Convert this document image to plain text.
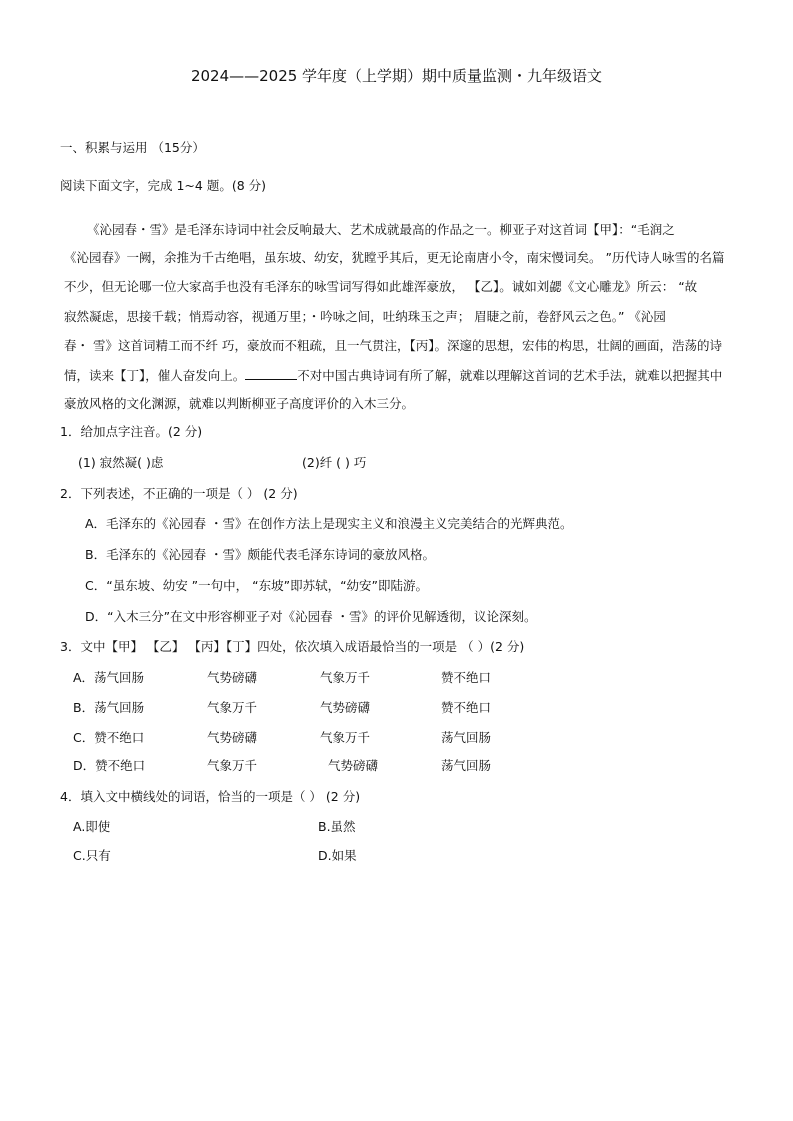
2024——2025 学年度（上学期）期中质量监测・九年级语文
一、积累与运用 （15分）
阅读下面文字，完成 1~4 题。(8 分)
《沁园春・雪》是毛泽东诗词中社会反响最大、艺术成就最高的作品之一。柳亚子对这首词【甲】：“毛润之
《沁园春》一阙，余推为千古绝唱，虽东坡、幼安，犹瞠乎其后，更无论南唐小令，南宋慢词矣。 ”历代诗人咏雪的名篇
不少，但无论哪一位大家高手也没有毛泽东的咏雪词写得如此雄浑豪放， 【乙】。诚如刘勰《文心雕龙》所云： “故
寂然凝虑，思接千载；悄焉动容，视通万里；・吟咏之间，吐纳珠玉之声； 眉睫之前，卷舒风云之色。” 《沁园
春・ 雪》这首词精工而不纤 巧，豪放而不粗疏，且一气贯注，【丙】。深邃的思想，宏伟的构思，壮阔的画面，浩荡的诗
情，读来【丁】，催人奋发向上。	不对中国古典诗词有所了解，就难以理解这首词的艺术手法，就难以把握其中
豪放风格的文化渊源，就难以判断柳亚子高度评价的入木三分。
1．给加点字注音。(2 分)
(1) 寂然凝( )虑	(2)纤 ( ) 巧
2．下列表述，不正确的一项是（ ） (2 分)
A．毛泽东的《沁园春 ・雪》在创作方法上是现实主义和浪漫主义完美结合的光辉典范。
B．毛泽东的《沁园春 ・雪》颇能代表毛泽东诗词的豪放风格。
C．“虽东坡、幼安 ”一句中， “东坡”即苏轼，“幼安”即陆游。
D．“入木三分”在文中形容柳亚子对《沁园春 ・雪》的评价见解透彻，议论深刻。
3．文中【甲】 【乙】 【丙】【丁】四处，依次填入成语最恰当的一项是 （ ）(2 分)
A．荡气回肠	气势磅礴	气象万千	赞不绝口
B．荡气回肠	气象万千	气势磅礴	赞不绝口
C．赞不绝口	气势磅礴	气象万千	荡气回肠
D．赞不绝口	气象万千	气势磅礴	荡气回肠
4．填入文中横线处的词语，恰当的一项是（ ） (2 分)
A.即使	B.虽然
C.只有	D.如果
